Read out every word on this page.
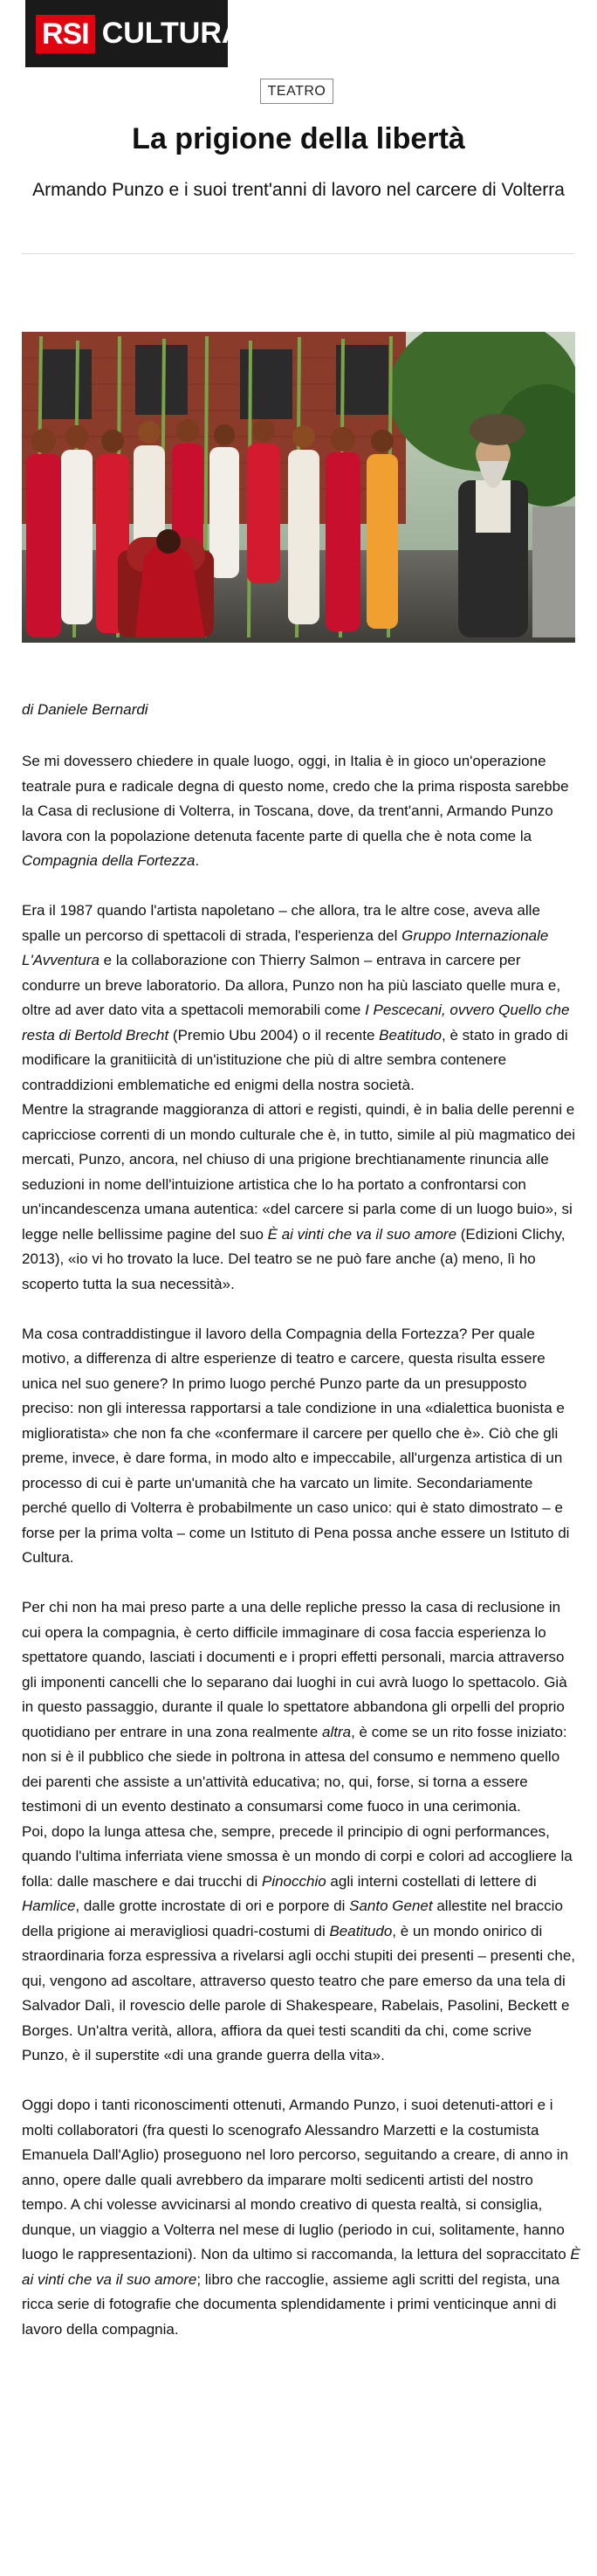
RSI CULTURA
TEATRO
La prigione della libertà

Armando Punzo e i suoi trent'anni di lavoro nel carcere di Volterra

di Daniele Bernardi

Se mi dovessero chiedere in quale luogo, oggi, in Italia è in gioco un'operazione teatrale pura e radicale degna di questo nome, credo che la prima risposta sarebbe la Casa di reclusione di Volterra, in Toscana, dove, da trent'anni, Armando Punzo lavora con la popolazione detenuta facente parte di quella che è nota come la Compagnia della Fortezza.

Era il 1987 quando l'artista napoletano – che allora, tra le altre cose, aveva alle spalle un percorso di spettacoli di strada, l'esperienza del Gruppo Internazionale L'Avventura e la collaborazione con Thierry Salmon – entrava in carcere per condurre un breve laboratorio. Da allora, Punzo non ha più lasciato quelle mura e, oltre ad aver dato vita a spettacoli memorabili come I Pescecani, ovvero Quello che resta di Bertold Brecht (Premio Ubu 2004) o il recente Beatitudo, è stato in grado di modificare la granitiicità di un'istituzione che più di altre sembra contenere contraddizioni emblematiche ed enigmi della nostra società.

Mentre la stragrande maggioranza di attori e registi, quindi, è in balia delle perenni e capricciose correnti di un mondo culturale che è, in tutto, simile al più magmatico dei mercati, Punzo, ancora, nel chiuso di una prigione brechtianamente rinuncia alle seduzioni in nome dell'intuizione artistica che lo ha portato a confrontarsi con un'incandescenza umana autentica: «del carcere si parla come di un luogo buio», si legge nelle bellissime pagine del suo È ai vinti che va il suo amore (Edizioni Clichy, 2013), «io vi ho trovato la luce. Del teatro se ne può fare anche (a) meno, lì ho scoperto tutta la sua necessità».

Ma cosa contraddistingue il lavoro della Compagnia della Fortezza? Per quale motivo, a differenza di altre esperienze di teatro e carcere, questa risulta essere unica nel suo genere? In primo luogo perché Punzo parte da un presupposto preciso: non gli interessa rapportarsi a tale condizione in una «dialettica buonista e miglioratista» che non fa che «confermare il carcere per quello che è». Ciò che gli preme, invece, è dare forma, in modo alto e impeccabile, all'urgenza artistica di un processo di cui è parte un'umanità che ha varcato un limite. Secondariamente perché quello di Volterra è probabilmente un caso unico: qui è stato dimostrato – e forse per la prima volta – come un Istituto di Pena possa anche essere un Istituto di Cultura.

Per chi non ha mai preso parte a una delle repliche presso la casa di reclusione in cui opera la compagnia, è certo difficile immaginare di cosa faccia esperienza lo spettatore quando, lasciati i documenti e i propri effetti personali, marcia attraverso gli imponenti cancelli che lo separano dai luoghi in cui avrà luogo lo spettacolo. Già in questo passaggio, durante il quale lo spettatore abbandona gli orpelli del proprio quotidiano per entrare in una zona realmente altra, è come se un rito fosse iniziato: non si è il pubblico che siede in poltrona in attesa del consumo e nemmeno quello dei parenti che assiste a un'attività educativa; no, qui, forse, si torna a essere testimoni di un evento destinato a consumarsi come fuoco in una cerimonia.

Poi, dopo la lunga attesa che, sempre, precede il principio di ogni performances, quando l'ultima inferriata viene smossa è un mondo di corpi e colori ad accogliere la folla: dalle maschere e dai trucchi di Pinocchio agli interni costellati di lettere di Hamlice, dalle grotte incrostate di ori e porpore di Santo Genet allestite nel braccio della prigione ai meravigliosi quadri-costumi di Beatitudo, è un mondo onirico di straordinaria forza espressiva a rivelarsi agli occhi stupiti dei presenti – presenti che, qui, vengono ad ascoltare, attraverso questo teatro che pare emerso da una tela di Salvador Dalì, il rovescio delle parole di Shakespeare, Rabelais, Pasolini, Beckett e Borges. Un'altra verità, allora, affiora da quei testi scanditi da chi, come scrive Punzo, è il superstite «di una grande guerra della vita».

Oggi dopo i tanti riconoscimenti ottenuti, Armando Punzo, i suoi detenuti-attori e i molti collaboratori (fra questi lo scenografo Alessandro Marzetti e la costumista Emanuela Dall'Aglio) proseguono nel loro percorso, seguitando a creare, di anno in anno, opere dalle quali avrebbero da imparare molti sedicenti artisti del nostro tempo. A chi volesse avvicinarsi al mondo creativo di questa realtà, si consiglia, dunque, un viaggio a Volterra nel mese di luglio (periodo in cui, solitamente, hanno luogo le rappresentazioni). Non da ultimo si raccomanda, la lettura del sopraccitato È ai vinti che va il suo amore; libro che raccoglie, assieme agli scritti del regista, una ricca serie di fotografie che documenta splendidamente i primi venticinque anni di lavoro della compagnia.
